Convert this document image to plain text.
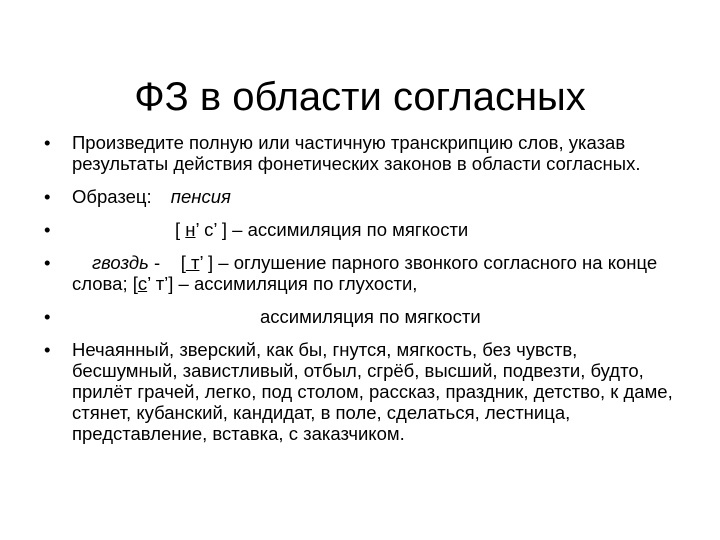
ФЗ в области согласных
•	Произведите полную или частичную транскрипцию слов, указав результаты действия фонетических законов в области согласных.
•	Образец: пенсия
•	[ н’ с’ ] – ассимиляция по мягкости
•	гвоздь - [ т’ ] – оглушение парного звонкого согласного на конце слова; [с’ т’] – ассимиляция по глухости,
•	ассимиляция по мягкости
•	Нечаянный, зверский, как бы, гнутся, мягкость, без чувств, бесшумный, завистливый, отбыл, сгрёб, высший, подвезти, будто, прилёт грачей, легко, под столом, рассказ, праздник, детство, к даме, стянет, кубанский, кандидат, в поле, сделаться, лестница, представление, вставка, с заказчиком.
